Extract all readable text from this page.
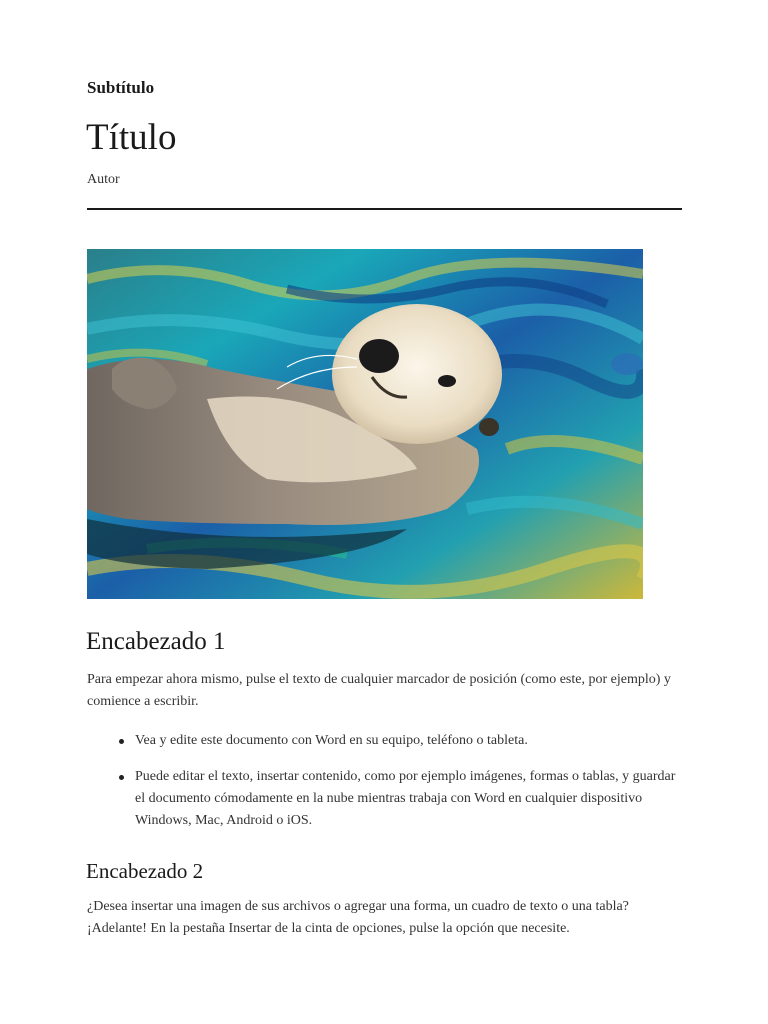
Subtítulo
Título
Autor
Encabezado 1
Para empezar ahora mismo, pulse el texto de cualquier marcador de posición (como este, por ejemplo) y comience a escribir.
Vea y edite este documento con Word en su equipo, teléfono o tableta.
Puede editar el texto, insertar contenido, como por ejemplo imágenes, formas o tablas, y guardar el documento cómodamente en la nube mientras trabaja con Word en cualquier dispositivo Windows, Mac, Android o iOS.
Encabezado 2
¿Desea insertar una imagen de sus archivos o agregar una forma, un cuadro de texto o una tabla? ¡Adelante! En la pestaña Insertar de la cinta de opciones, pulse la opción que necesite.
